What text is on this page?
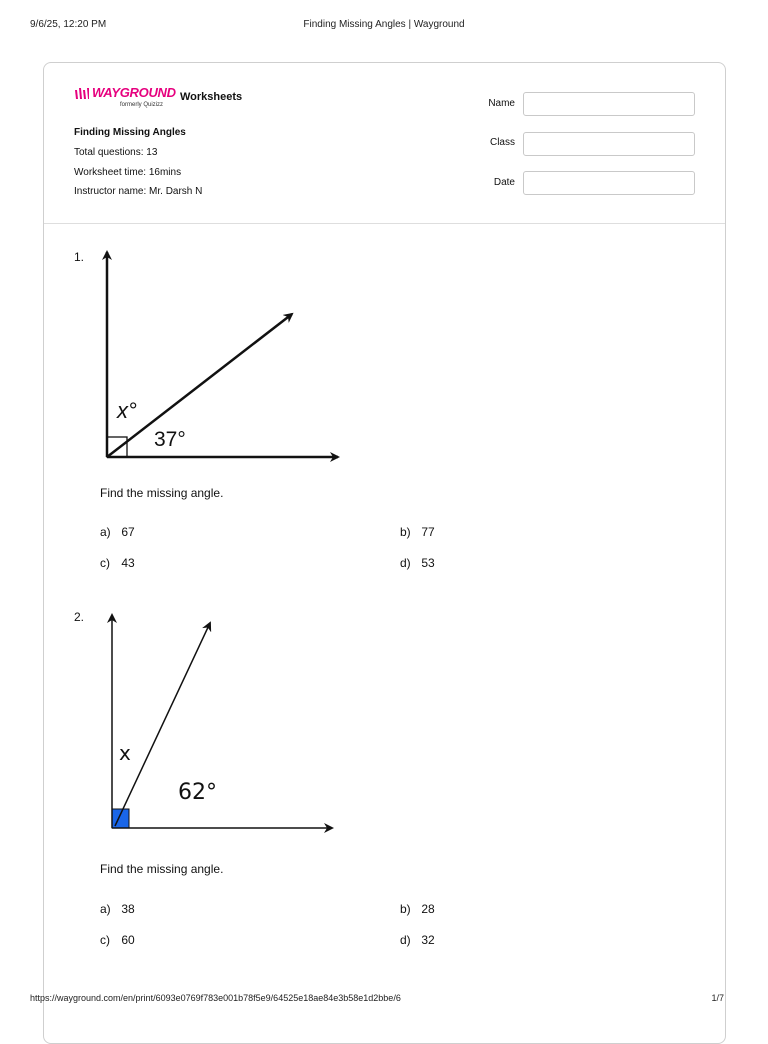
9/6/25, 12:20 PM	Finding Missing Angles | Wayground
WAYGROUND
formerly Quizizz
Worksheets
Finding Missing Angles
Total questions: 13
Worksheet time: 16mins
Instructor name: Mr. Darsh N
Name
Class
Date
1.
x°
37°
Find the missing angle.
a) 67	b) 77
c) 43	d) 53
2.
x
62°
Find the missing angle.
a) 38	b) 28
c) 60	d) 32
https://wayground.com/en/print/6093e0769f783e001b78f5e9/64525e18ae84e3b58e1d2bbe/6	1/7
